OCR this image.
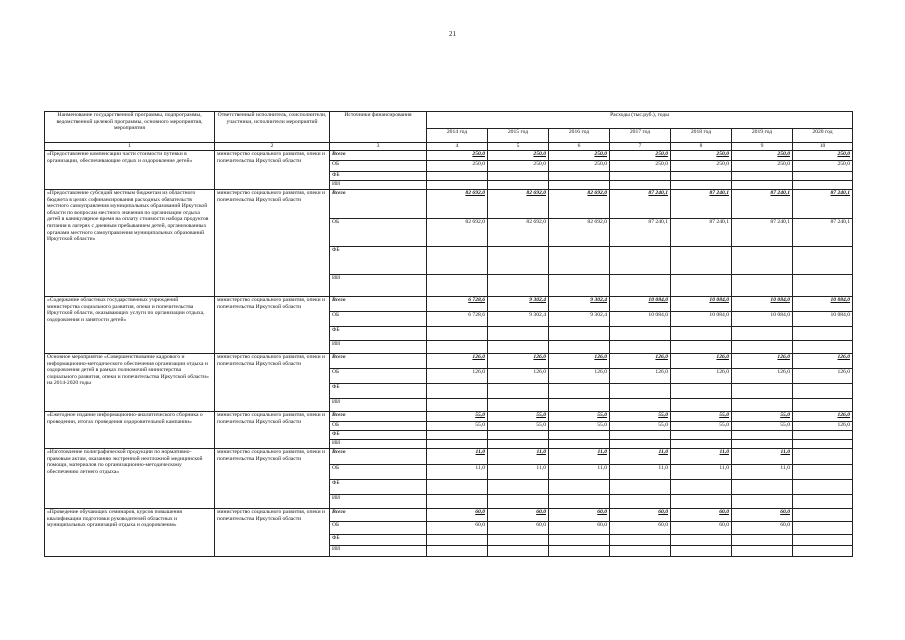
21
Наименование государственной программы, подпрограммы, ведомственной целевой программы, основного мероприятия, мероприятия	Ответственный исполнитель, соисполнители, участники, исполнители мероприятий	Источники финансирования	Расходы (тыс.руб.), годы						
			2014 год	2015 год	2016 год	2017 год	2018 год	2019 год	2020 год
1	2	3	4	5	6	7	8	9	10
«Предоставление компенсации части стоимости путевки в организации, обеспечивающие отдых и оздоровление детей»	министерство социального развития, опеки и попечительства Иркутской области	Всего	250,0	250,0	250,0	250,0	250,0	250,0	250,0
		ОБ	250,0	250,0	250,0	250,0	250,0	250,0	250,0
		ФБ							
		ИИ							
«Предоставление субсидий местным бюджетам из областного бюджета в целях софинансирования расходных обязательств местного самоуправления муниципальных образований Иркутской области по вопросам местного значения по организации отдыха детей в каникулярное время на оплату стоимости набора продуктов питания в лагерях с дневным пребыванием детей, организованных органами местного самоуправления муниципальных образований Иркутской области»	министерство социального развития, опеки и попечительства Иркутской области	Всего	82 692,0	82 692,0	82 692,0	87 240,1	87 240,1	87 240,1	87 240,1
		ОБ	82 692,0	82 692,0	82 692,0	87 240,1	87 240,1	87 240,1	87 240,1
		ФБ							
		ИИ							
«Содержание областных государственных учреждений министерства социального развития, опеки и попечительства Иркутской области, оказывающих услуги по организации отдыха, оздоровления и занятости детей»	министерство социального развития, опеки и попечительства Иркутской области	Всего	6 728,6	9 302,4	9 302,4	10 084,0	10 084,0	10 084,0	10 084,0
		ОБ	6 728,6	9 302,4	9 302,4	10 084,0	10 084,0	10 084,0	10 084,0
		ФБ							
		ИИ							
Основное мероприятие «Совершенствование кадрового и информационно-методического обеспечения организации отдыха и оздоровления детей в рамках полномочий министерства социального развития, опеки и попечительства Иркутской области» на 2014-2020 годы	министерство социального развития, опеки и попечительства Иркутской области	Всего	126,0	126,0	126,0	126,0	126,0	126,0	126,0
		ОБ	126,0	126,0	126,0	126,0	126,0	126,0	126,0
		ФБ							
		ИИ							
«Ежегодное издание информационно-аналитического сборника о проведении, итогах проведения оздоровительной кампании»	министерство социального развития, опеки и попечительства Иркутской области	Всего	55,0	55,0	55,0	55,0	55,0	55,0	126,0
		ОБ	55,0	55,0	55,0	55,0	55,0	55,0	126,0
		ФБ							
		ИИ							
«Изготовление полиграфической продукции по нормативно-правовым актам, оказанию экстренной неотложной медицинской помощи, материалов по организационно-методическому обеспечению летнего отдыха»	министерство социального развития, опеки и попечительства Иркутской области	Всего	11,0	11,0	11,0	11,0	11,0	11,0	
		ОБ	11,0	11,0	11,0	11,0	11,0	11,0	
		ФБ							
		ИИ							
«Проведение обучающих семинаров, курсов повышения квалификации подготовки руководителей областных и муниципальных организаций отдыха и оздоровления»	министерство социального развития, опеки и попечительства Иркутской области	Всего	60,0	60,0	60,0	60,0	60,0	60,0	
		ОБ	60,0	60,0	60,0	60,0	60,0	60,0	
		ФБ							
		ИИ							
